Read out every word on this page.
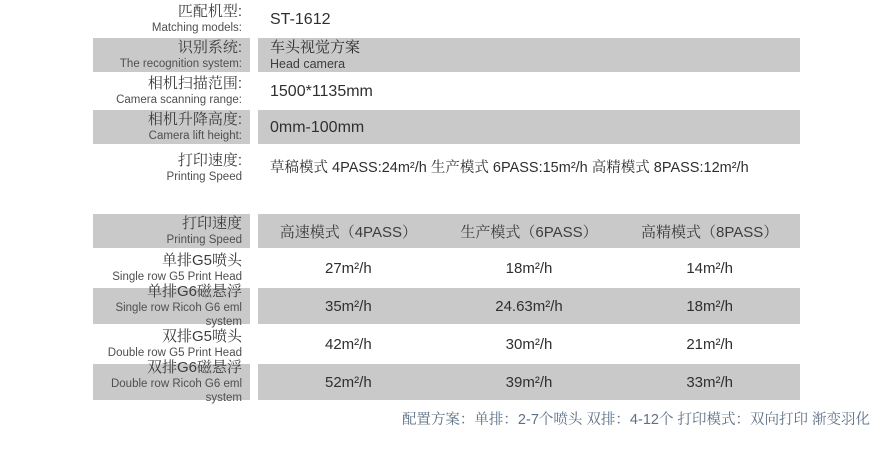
匹配机型:
Matching models:
ST-1612
识别系统:
The recognition system:
车头视觉方案
Head camera
相机扫描范围:
Camera scanning range:
1500*1135mm
相机升降高度:
Camera lift height:
0mm-100mm
打印速度:
Printing Speed
草稿模式 4PASS:24m²/h 生产模式 6PASS:15m²/h 高精模式 8PASS:12m²/h
打印速度
Printing Speed	高速模式（4PASS）	生产模式（6PASS）	高精模式（8PASS）
单排G5喷头
Single row G5 Print Head
27m²/h	18m²/h	14m²/h
单排G6磁悬浮
Single row Ricoh G6 eml system
35m²/h	24.63m²/h	18m²/h
双排G5喷头
Double row G5 Print Head
42m²/h	30m²/h	21m²/h
双排G6磁悬浮
Double row Ricoh G6 eml system
52m²/h	39m²/h	33m²/h
配置方案：单排：2-7个喷头 双排：4-12个 打印模式：双向打印 渐变羽化
